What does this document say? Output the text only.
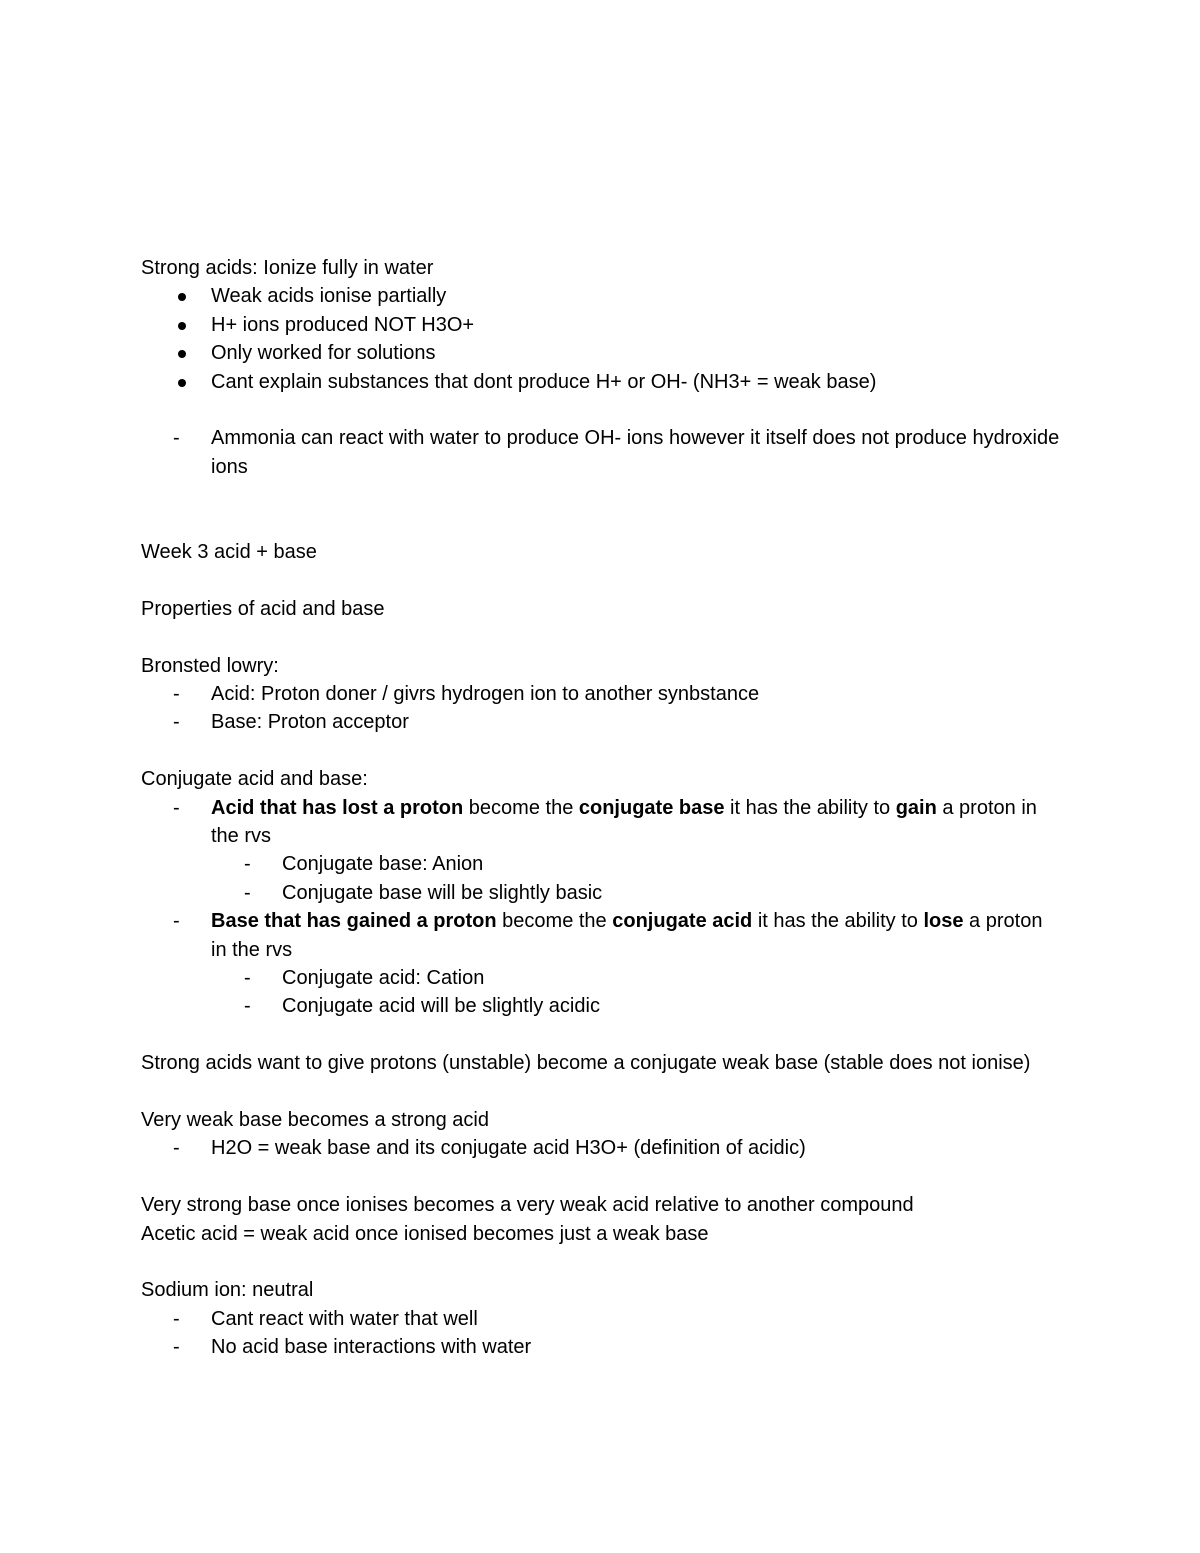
Strong acids: Ionize fully in water
Weak acids ionise partially
H+ ions produced NOT H3O+
Only worked for solutions
Cant explain substances that dont produce H+ or OH- (NH3+ = weak base)
-	Ammonia can react with water to produce OH- ions however it itself does not produce hydroxide ions
Week 3 acid + base
Properties of acid and base
Bronsted lowry:
-	Acid: Proton doner / givrs hydrogen ion to another synbstance
-	Base: Proton acceptor
Conjugate acid and base:
-	Acid that has lost a proton become the conjugate base it has the ability to gain a proton in the rvs
-	Conjugate base: Anion
-	Conjugate base will be slightly basic
-	Base that has gained a proton become the conjugate acid it has the ability to lose a proton in the rvs
-	Conjugate acid: Cation
-	Conjugate acid will be slightly acidic
Strong acids want to give protons (unstable) become a conjugate weak base (stable does not ionise)
Very weak base becomes a strong acid
-	H2O = weak base and its conjugate acid H3O+ (definition of acidic)
Very strong base once ionises becomes a very weak acid relative to another compound
Acetic acid = weak acid once ionised becomes just a weak base
Sodium ion: neutral
-	Cant react with water that well
-	No acid base interactions with water
